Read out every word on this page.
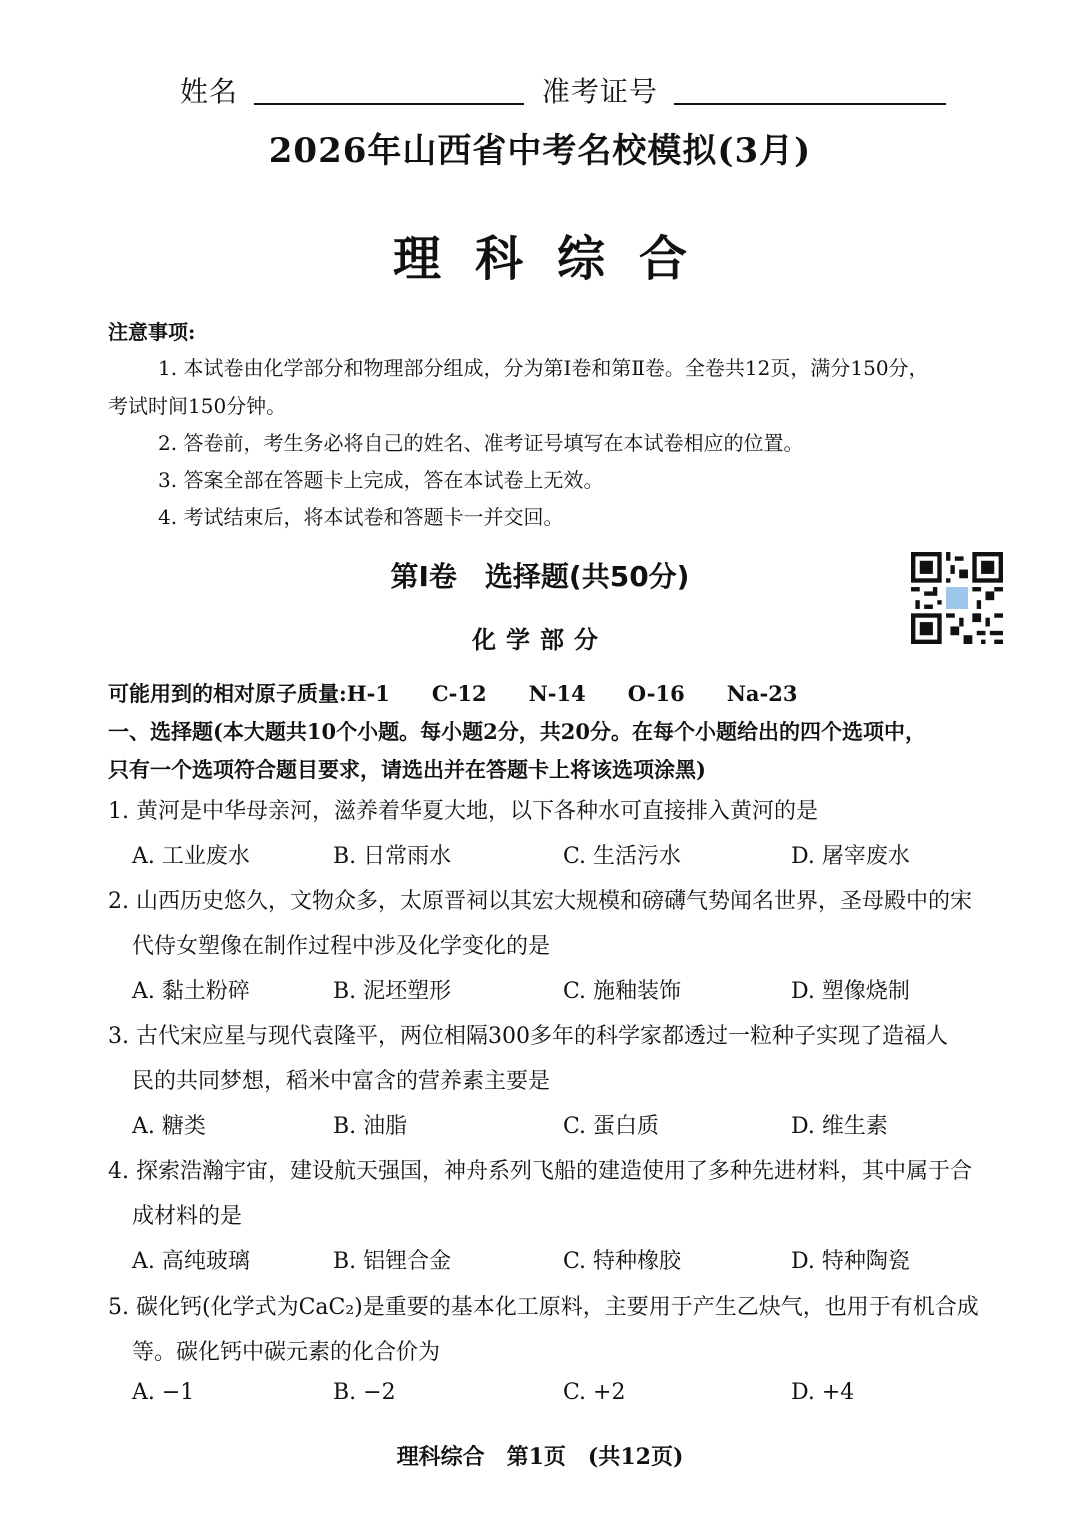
姓名	准考证号
2026年山西省中考名校模拟(3月)
理科综合
注意事项:
1. 本试卷由化学部分和物理部分组成，分为第Ⅰ卷和第Ⅱ卷。全卷共12页，满分150分，
考试时间150分钟。
2. 答卷前，考生务必将自己的姓名、准考证号填写在本试卷相应的位置。
3. 答案全部在答题卡上完成，答在本试卷上无效。
4. 考试结束后，将本试卷和答题卡一并交回。
第Ⅰ卷　选择题(共50分)
化学部分
可能用到的相对原子质量:H-1　　C-12　　N-14　　O-16　　Na-23
一、选择题(本大题共10个小题。每小题2分，共20分。在每个小题给出的四个选项中，
只有一个选项符合题目要求，请选出并在答题卡上将该选项涂黑)
1. 黄河是中华母亲河，滋养着华夏大地，以下各种水可直接排入黄河的是
A. 工业废水	B. 日常雨水	C. 生活污水	D. 屠宰废水
2. 山西历史悠久，文物众多，太原晋祠以其宏大规模和磅礴气势闻名世界，圣母殿中的宋
代侍女塑像在制作过程中涉及化学变化的是
A. 黏土粉碎	B. 泥坯塑形	C. 施釉装饰	D. 塑像烧制
3. 古代宋应星与现代袁隆平，两位相隔300多年的科学家都透过一粒种子实现了造福人
民的共同梦想，稻米中富含的营养素主要是
A. 糖类	B. 油脂	C. 蛋白质	D. 维生素
4. 探索浩瀚宇宙，建设航天强国，神舟系列飞船的建造使用了多种先进材料，其中属于合
成材料的是
A. 高纯玻璃	B. 铝锂合金	C. 特种橡胶	D. 特种陶瓷
5. 碳化钙(化学式为CaC₂)是重要的基本化工原料，主要用于产生乙炔气，也用于有机合成
等。碳化钙中碳元素的化合价为
A. −1	B. −2	C. +2	D. +4
理科综合　第1页　(共12页)
